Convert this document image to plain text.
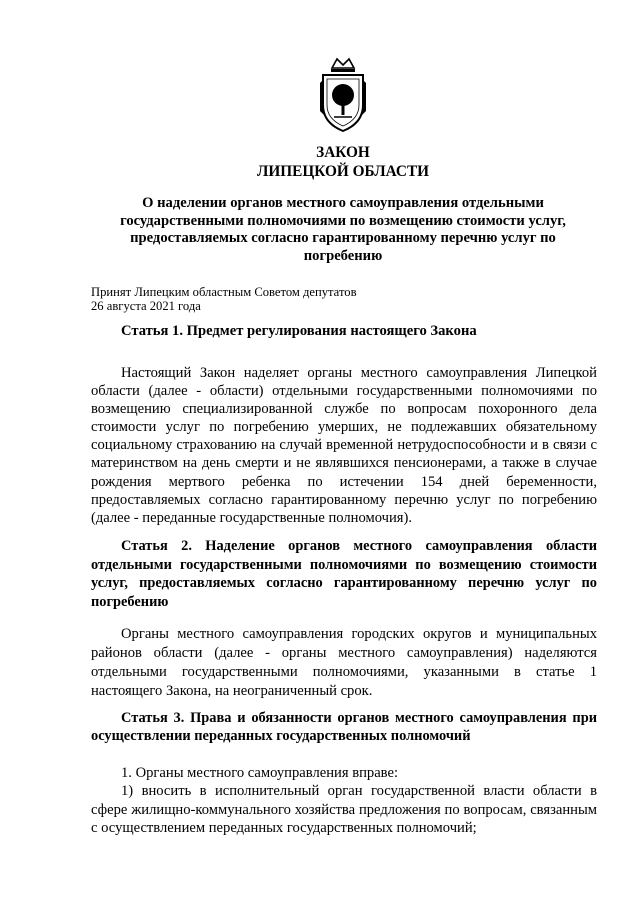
ЗАКОН
ЛИПЕЦКОЙ ОБЛАСТИ
О наделении органов местного самоуправления отдельными государственными полномочиями по возмещению стоимости услуг, предоставляемых согласно гарантированному перечню услуг по погребению
Принят Липецким областным Советом депутатов
26 августа 2021 года
Статья 1. Предмет регулирования настоящего Закона
Настоящий Закон наделяет органы местного самоуправления Липецкой области (далее - области) отдельными государственными полномочиями по возмещению специализированной службе по вопросам похоронного дела стоимости услуг по погребению умерших, не подлежавших обязательному социальному страхованию на случай временной нетрудоспособности и в связи с материнством на день смерти и не являвшихся пенсионерами, а также в случае рождения мертвого ребенка по истечении 154 дней беременности, предоставляемых согласно гарантированному перечню услуг по погребению (далее - переданные государственные полномочия).
Статья 2. Наделение органов местного самоуправления области отдельными государственными полномочиями по возмещению стоимости услуг, предоставляемых согласно гарантированному перечню услуг по погребению
Органы местного самоуправления городских округов и муниципальных районов области (далее - органы местного самоуправления) наделяются отдельными государственными полномочиями, указанными в статье 1 настоящего Закона, на неограниченный срок.
Статья 3. Права и обязанности органов местного самоуправления при осуществлении переданных государственных полномочий
1. Органы местного самоуправления вправе:
1) вносить в исполнительный орган государственной власти области в сфере жилищно-коммунального хозяйства предложения по вопросам, связанным с осуществлением переданных государственных полномочий;
